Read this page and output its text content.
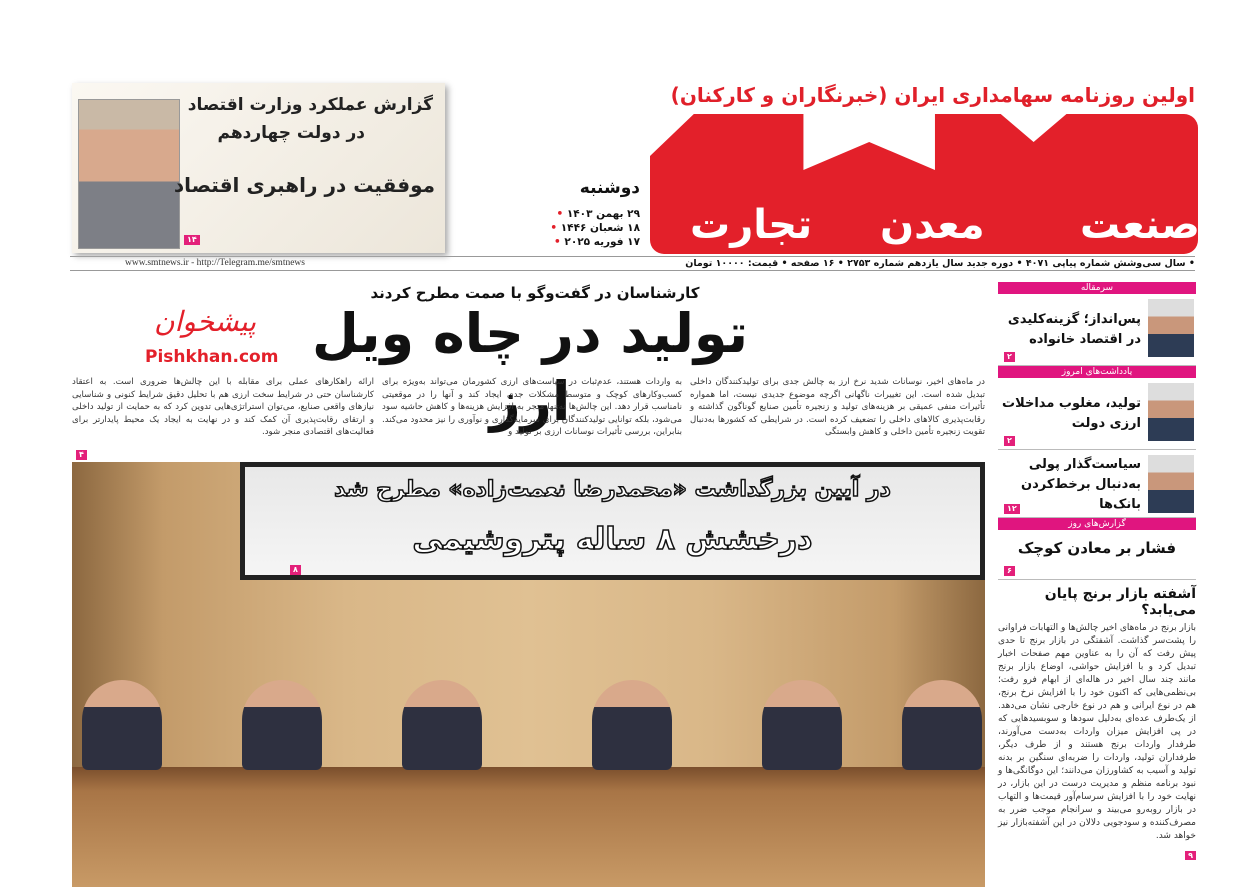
اولین روزنامه سهامداری ایران (خبرنگاران و کارکنان)
صنعت
معدن
تجارت
دوشنبه
۲۹ بهمن ۱۴۰۳ •
۱۸ شعبان ۱۴۴۶ •
۱۷ فوریه ۲۰۲۵ •
• سال سی‌وشش شماره پیاپی ۴۰۷۱ • دوره جدید سال یازدهم شماره ۲۷۵۳ • ۱۶ صفحه • قیمت: ۱۰۰۰۰ تومان
www.smtnews.ir - http://Telegram.me/smtnews
گزارش عملکرد وزارت اقتصاد
در دولت چهاردهم
موفقیت در راهبری اقتصاد
۱۴
کارشناسان در گفت‌وگو با صمت مطرح کردند
تولید در چاه ویل ارز
پیشخوان
Pishkhan.com
در ماه‌های اخیر، نوسانات شدید نرخ ارز به چالش جدی برای تولیدکنندگان داخلی تبدیل شده است. این تغییرات ناگهانی اگرچه موضوع جدیدی نیست، اما همواره تأثیرات منفی عمیقی بر هزینه‌های تولید و زنجیره تأمین صنایع گوناگون گذاشته و رقابت‌پذیری کالاهای داخلی را تضعیف کرده است. در شرایطی که کشورها به‌دنبال تقویت زنجیره تأمین داخلی و کاهش وابستگی
به واردات هستند، عدم‌ثبات در سیاست‌های ارزی کشورمان می‌تواند به‌ویژه برای کسب‌وکارهای کوچک و متوسط مشکلات جدی ایجاد کند و آنها را در موقعیتی نامناسب قرار دهد. این چالش‌ها نه‌تنها منجر به افزایش هزینه‌ها و کاهش حاشیه سود می‌شود، بلکه توانایی تولیدکنندگان برای سرمایه‌گذاری و نوآوری را نیز محدود می‌کند. بنابراین، بررسی تأثیرات نوسانات ارزی بر تولید و
ارائه راهکارهای عملی برای مقابله با این چالش‌ها ضروری است. به اعتقاد کارشناسان حتی در شرایط سخت ارزی هم با تحلیل دقیق شرایط کنونی و شناسایی نیازهای واقعی صنایع، می‌توان استراتژی‌هایی تدوین کرد که به حمایت از تولید داخلی و ارتقای رقابت‌پذیری آن کمک کند و در نهایت به ایجاد یک محیط پایدارتر برای فعالیت‌های اقتصادی منجر شود.
در آیین بزرگداشت «محمدرضا نعمت‌زاده» مطرح شد
درخشش ۸ ساله پتروشیمی
۸
۴
سرمقاله
پس‌انداز؛ گزینه‌کلیدی در اقتصاد خانواده
۲
یادداشت‌های امروز
تولید، مغلوب مداخلات ارزی دولت
۲
سیاست‌گذار پولی به‌دنبال برخط‌کردن بانک‌ها
۱۲
گزارش‌های روز
فشار بر معادن کوچک
۶
آشفته بازار برنج پایان می‌یابد؟
بازار برنج در ماه‌های اخیر چالش‌ها و التهابات فراوانی را پشت‌سر گذاشت. آشفتگی در بازار برنج تا حدی پیش رفت که آن را به عناوین مهم صفحات اخبار تبدیل کرد و با افزایش حواشی، اوضاع بازار برنج مانند چند سال اخیر در هاله‌ای از ابهام فرو رفت؛ بی‌نظمی‌هایی که اکنون خود را با افزایش نرخ برنج، هم در نوع ایرانی و هم در نوع خارجی نشان می‌دهد. از یک‌طرف عده‌ای به‌دلیل سودها و سوبسیدهایی که در پی افزایش میزان واردات به‌دست می‌آورند، طرفدار واردات برنج هستند و از طرف دیگر، طرفداران تولید، واردات را ضربه‌ای سنگین بر بدنه تولید و آسیب به کشاورزان می‌دانند؛ این دوگانگی‌ها و نبود برنامه منظم و مدیریت درست در این بازار، در نهایت خود را با افزایش سرسام‌آور قیمت‌ها و التهاب در بازار روبه‌رو می‌بیند و سرانجام موجب ضرر به مصرف‌کننده و سودجویی دلالان در این آشفته‌بازار نیز خواهد شد.
۹
